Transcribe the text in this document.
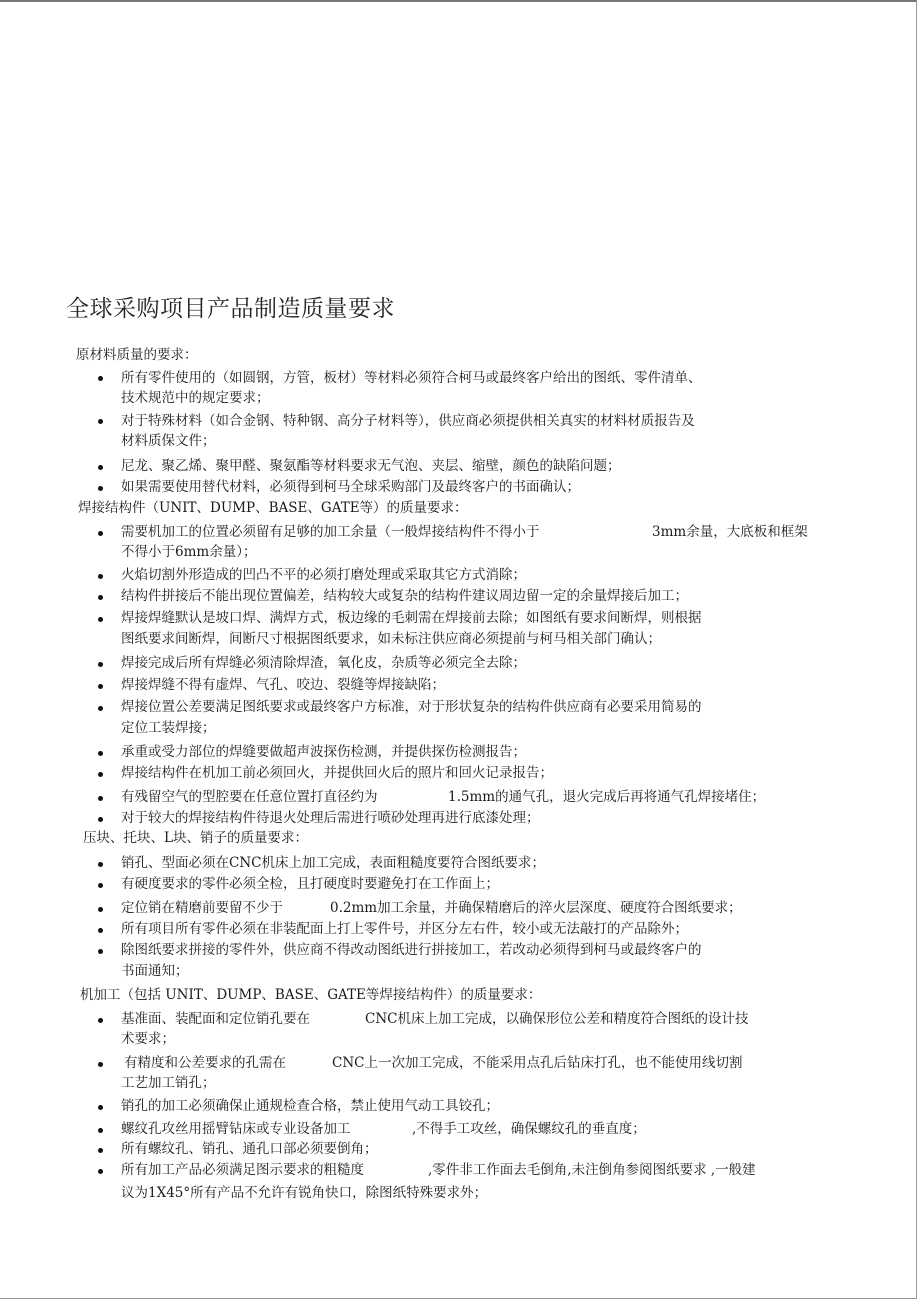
全球采购项目产品制造质量要求
原材料质量的要求：
所有零件使用的（如圆钢，方管，板材）等材料必须符合柯马或最终客户给出的图纸、零件清单、
技术规范中的规定要求；
对于特殊材料（如合金钢、特种钢、高分子材料等），供应商必须提供相关真实的材料材质报告及
材料质保文件；
尼龙、聚乙烯、聚甲醛、聚氨酯等材料要求无气泡、夹层、缩壁，颜色的缺陷问题；
如果需要使用替代材料，必须得到柯马全球采购部门及最终客户的书面确认；
焊接结构件（UNIT、DUMP、BASE、GATE等）的质量要求：
需要机加工的位置必须留有足够的加工余量（一般焊接结构件不得小于	3mm余量，大底板和框架
不得小于6mm余量）；
火焰切割外形造成的凹凸不平的必须打磨处理或采取其它方式消除；
结构件拼接后不能出现位置偏差，结构较大或复杂的结构件建议周边留一定的余量焊接后加工；
焊接焊缝默认是坡口焊、满焊方式，板边缘的毛刺需在焊接前去除；如图纸有要求间断焊，则根据
图纸要求间断焊，间断尺寸根据图纸要求，如未标注供应商必须提前与柯马相关部门确认；
焊接完成后所有焊缝必须清除焊渣，氧化皮，杂质等必须完全去除；
焊接焊缝不得有虚焊、气孔、咬边、裂缝等焊接缺陷；
焊接位置公差要满足图纸要求或最终客户方标准，对于形状复杂的结构件供应商有必要采用简易的
定位工装焊接；
承重或受力部位的焊缝要做超声波探伤检测，并提供探伤检测报告；
焊接结构件在机加工前必须回火，并提供回火后的照片和回火记录报告；
有残留空气的型腔要在任意位置打直径约为	1.5mm的通气孔，退火完成后再将通气孔焊接堵住；
对于较大的焊接结构件待退火处理后需进行喷砂处理再进行底漆处理；
压块、托块、L块、销子的质量要求：
销孔、型面必须在CNC机床上加工完成，表面粗糙度要符合图纸要求；
有硬度要求的零件必须全检，且打硬度时要避免打在工作面上；
定位销在精磨前要留不少于	0.2mm加工余量，并确保精磨后的淬火层深度、硬度符合图纸要求；
所有项目所有零件必须在非装配面上打上零件号，并区分左右件，较小或无法敲打的产品除外；
除图纸要求拼接的零件外，供应商不得改动图纸进行拼接加工，若改动必须得到柯马或最终客户的
书面通知；
机加工（包括 UNIT、DUMP、BASE、GATE等焊接结构件）的质量要求：
基准面、装配面和定位销孔要在	CNC机床上加工完成，以确保形位公差和精度符合图纸的设计技
术要求；
有精度和公差要求的孔需在	CNC上一次加工完成，不能采用点孔后钻床打孔，也不能使用线切割
工艺加工销孔；
销孔的加工必须确保止通规检查合格，禁止使用气动工具铰孔；
螺纹孔攻丝用摇臂钻床或专业设备加工	,不得手工攻丝，确保螺纹孔的垂直度；
所有螺纹孔、销孔、通孔口部必须要倒角；
所有加工产品必须满足图示要求的粗糙度	,零件非工作面去毛倒角,未注倒角参阅图纸要求 ,一般建
议为1X45°所有产品不允许有锐角快口，除图纸特殊要求外；
